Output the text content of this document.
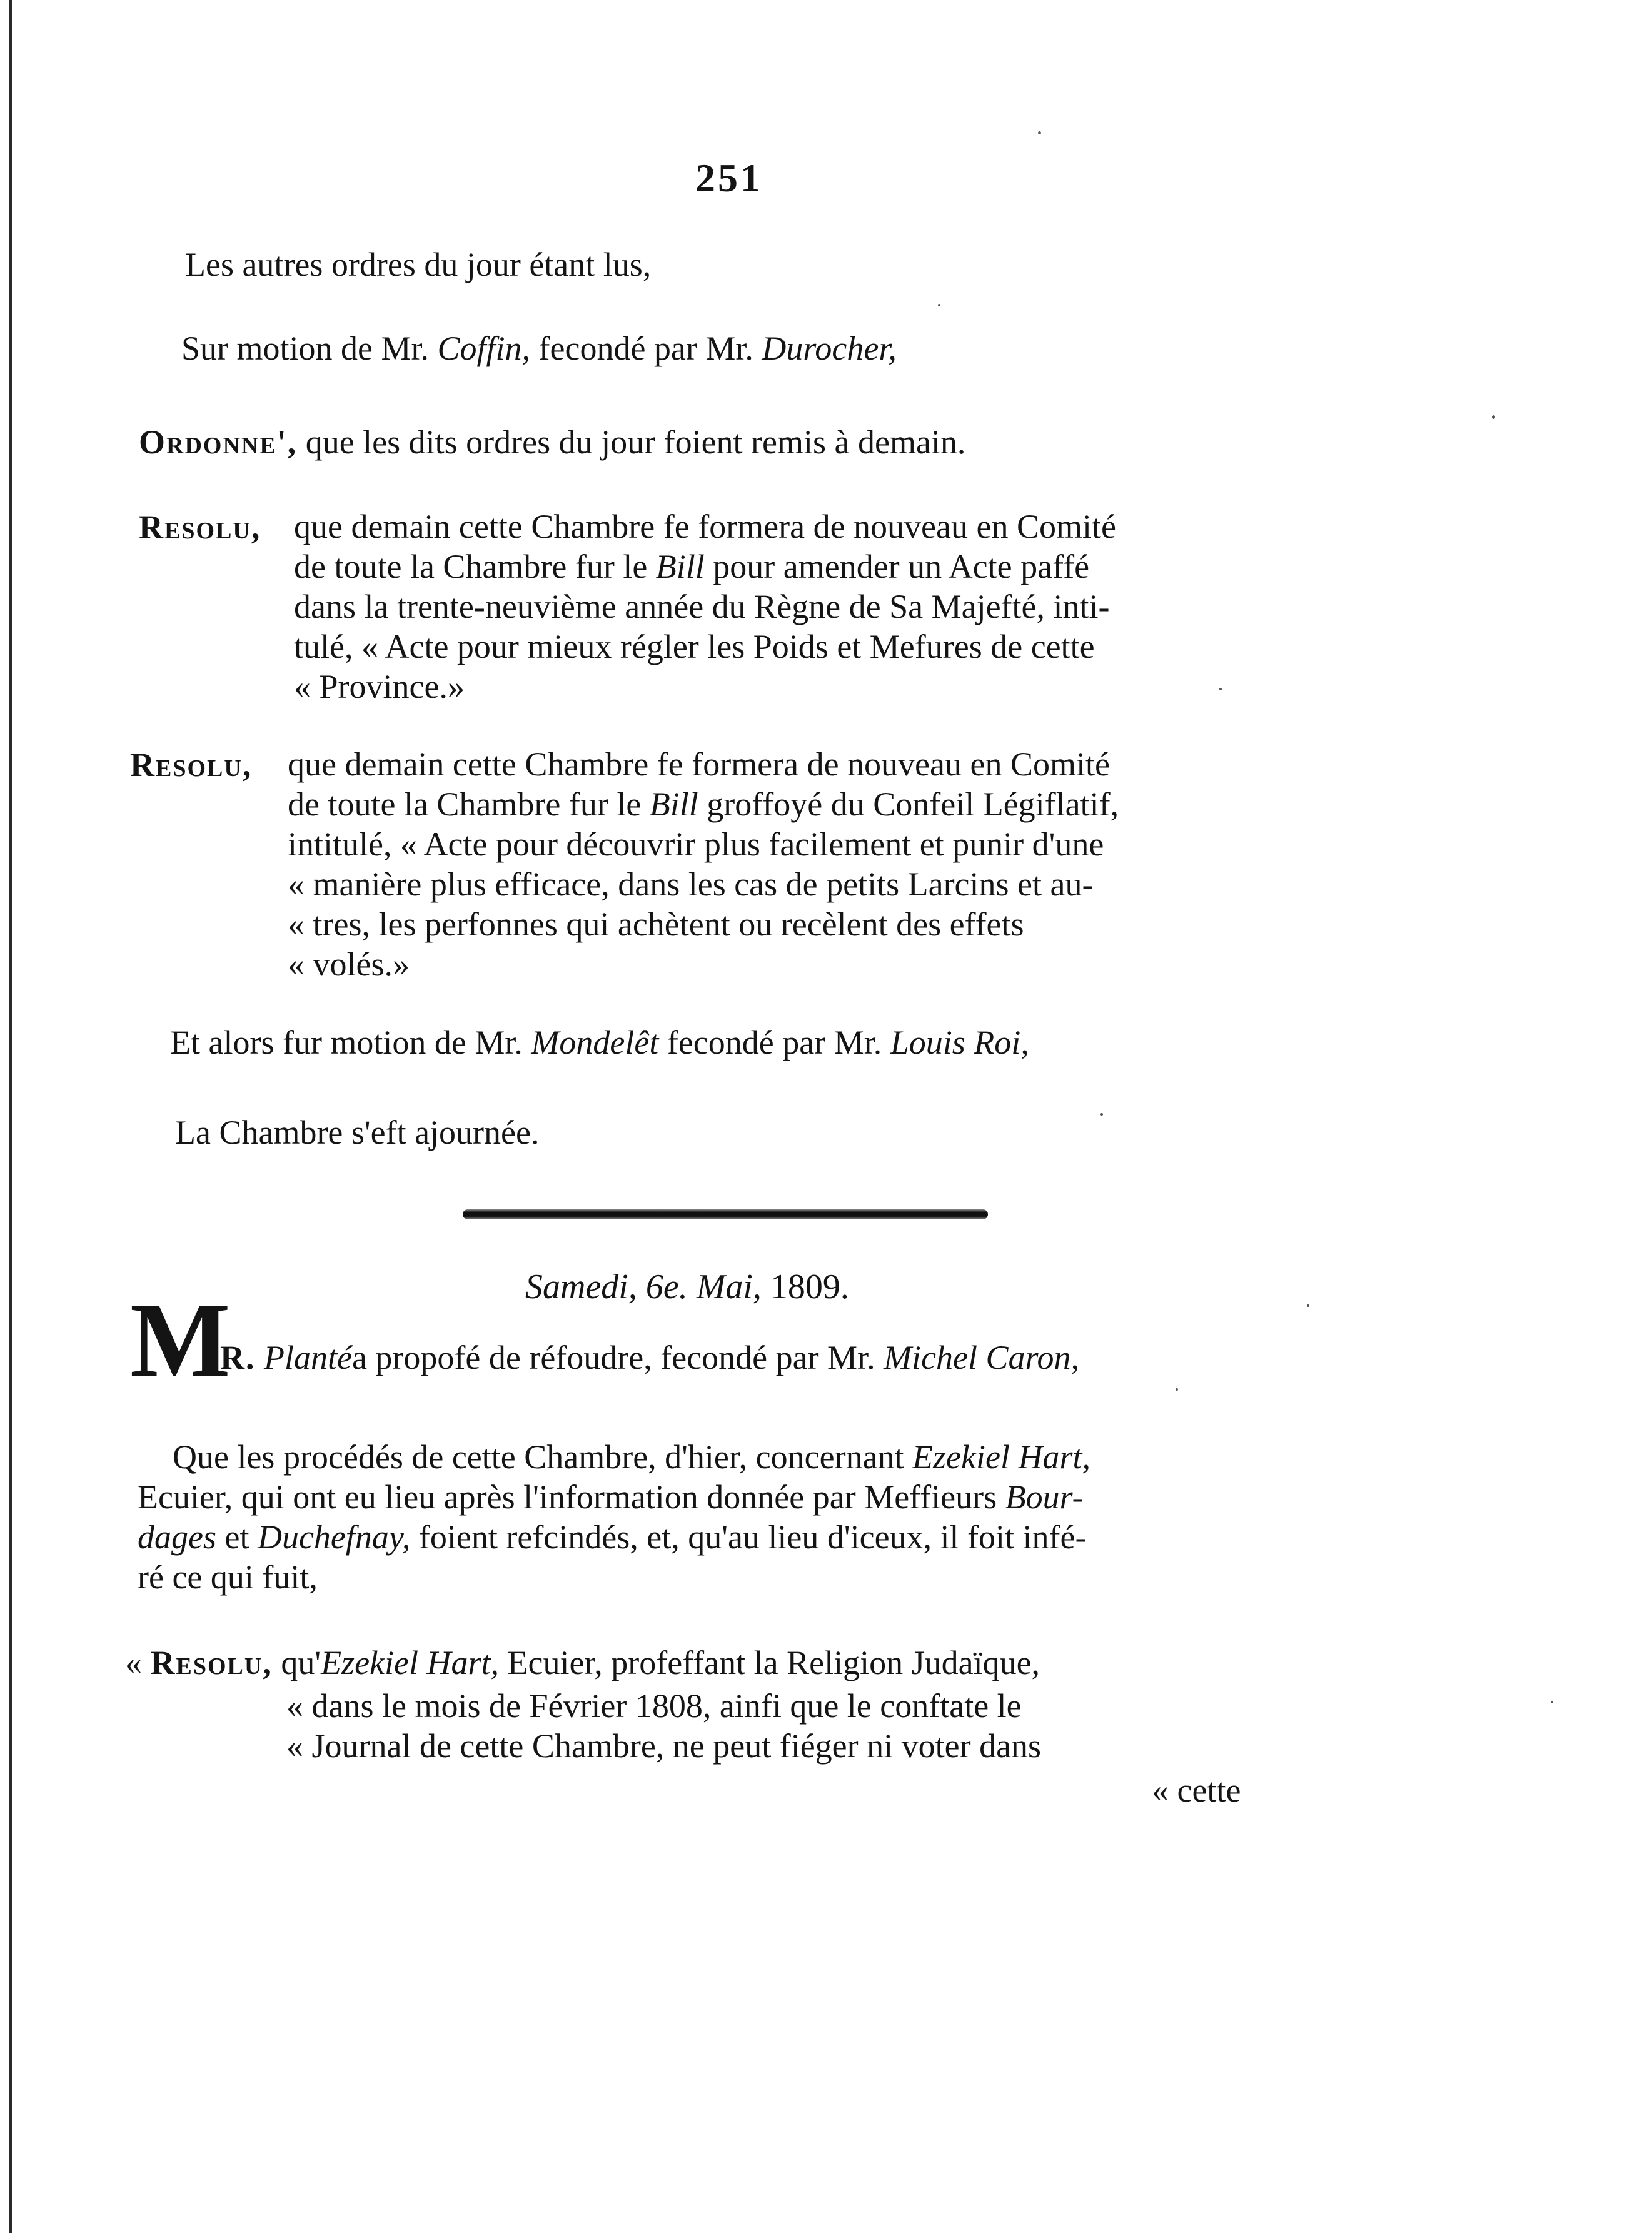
251
Les autres ordres du jour étant lus,
Sur motion de Mr. Coffin, fecondé par Mr. Durocher,
Ordonne', que les dits ordres du jour foient remis à demain.
Resolu, que demain cette Chambre fe formera de nouveau en Comité
de toute la Chambre fur le Bill pour amender un Acte paffé
dans la trente-neuvième année du Règne de Sa Majefté, inti-
tulé, « Acte pour mieux régler les Poids et Mefures de cette
« Province.»
Resolu, que demain cette Chambre fe formera de nouveau en Comité
de toute la Chambre fur le Bill groffoyé du Confeil Légiflatif,
intitulé, « Acte pour découvrir plus facilement et punir d'une
« manière plus efficace, dans les cas de petits Larcins et au-
« tres, les perfonnes qui achètent ou recèlent des effets
« volés.»
Et alors fur motion de Mr. Mondelêt fecondé par Mr. Louis Roi,
La Chambre s'eft ajournée.
Samedi, 6e. Mai, 1809.
M
R. Plantéa propofé de réfoudre, fecondé par Mr. Michel Caron,
Que les procédés de cette Chambre, d'hier, concernant Ezekiel Hart,
Ecuier, qui ont eu lieu après l'information donnée par Meffieurs Bour-
dages et Duchefnay, foient refcindés, et, qu'au lieu d'iceux, il foit infé-
ré ce qui fuit,
« Resolu, qu'Ezekiel Hart, Ecuier, profeffant la Religion Judaïque,
« dans le mois de Février 1808, ainfi que le conftate le
« Journal de cette Chambre, ne peut fiéger ni voter dans
« cette
